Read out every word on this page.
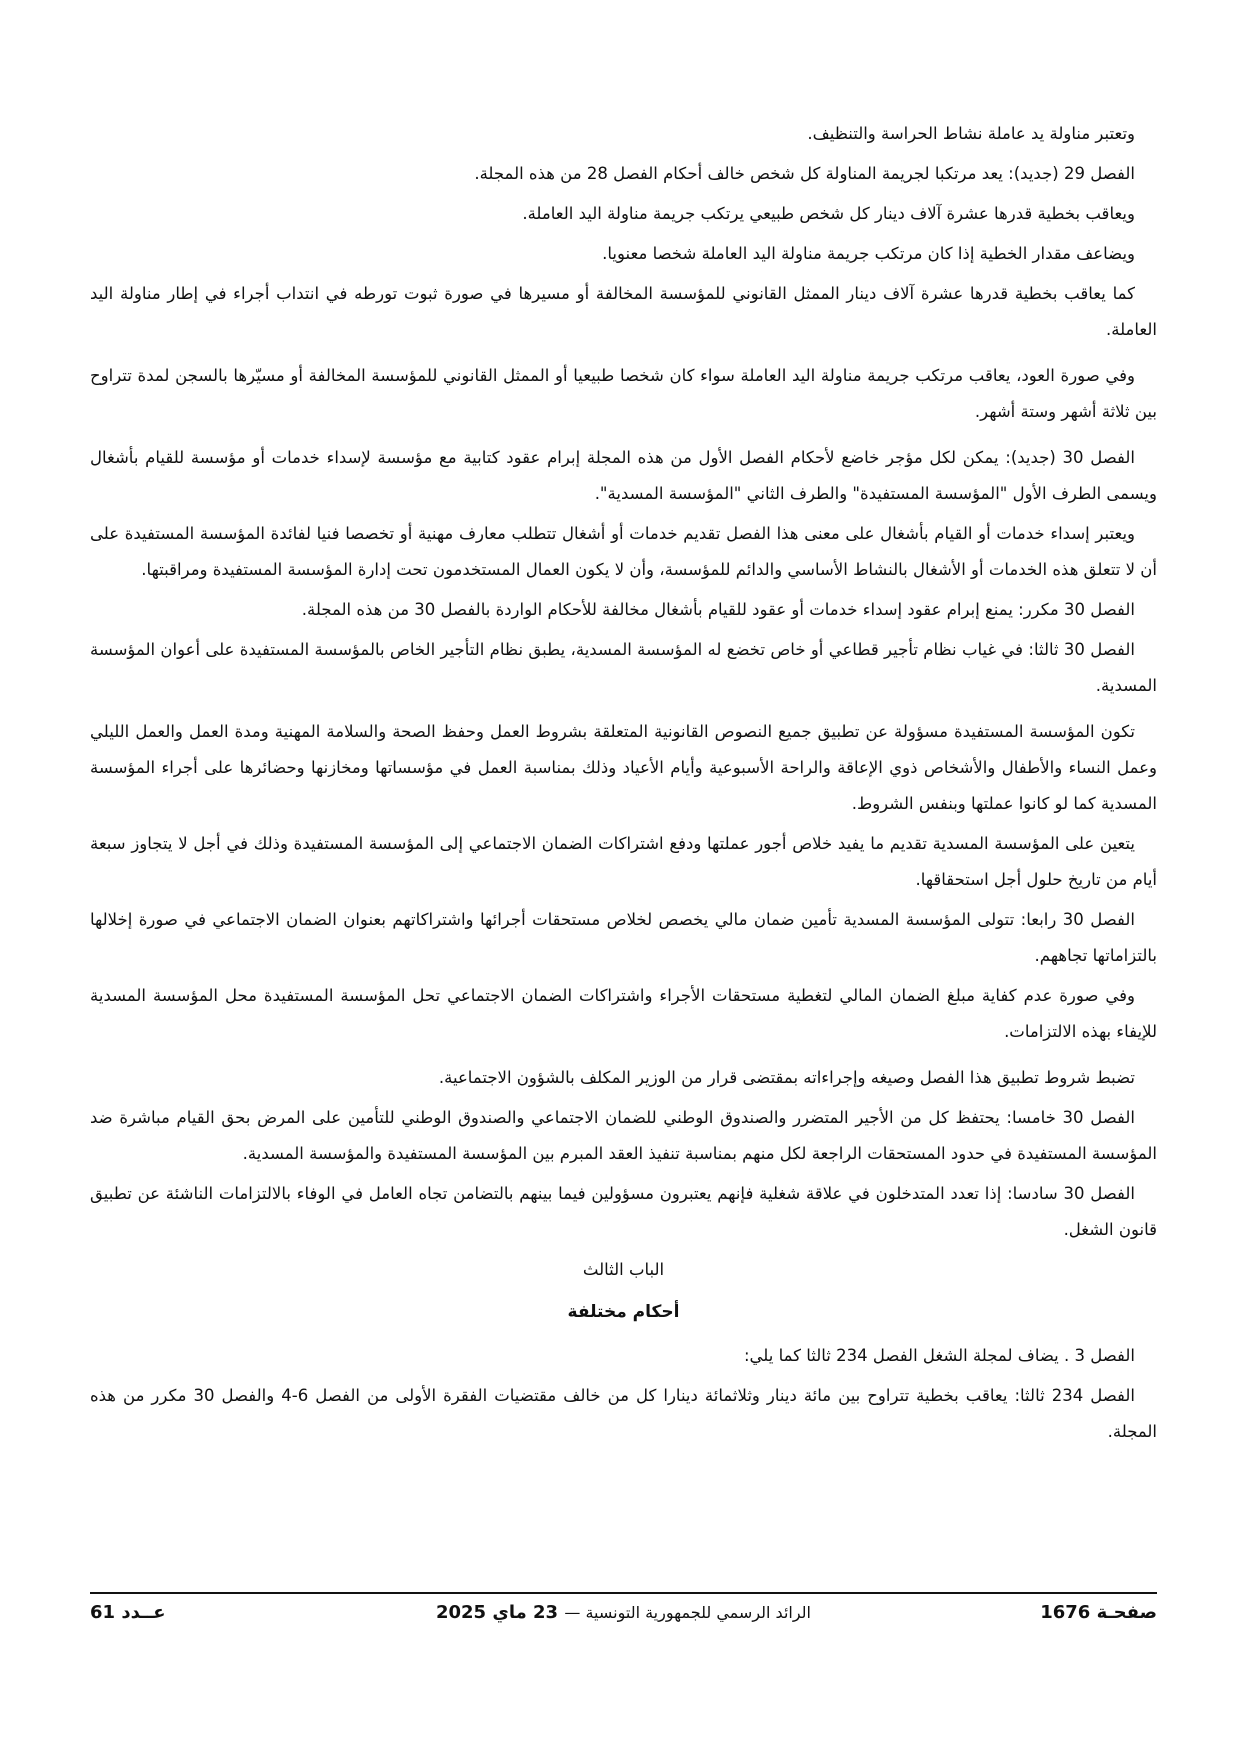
وتعتبر مناولة يد عاملة نشاط الحراسة والتنظيف.

الفصل 29 (جديد): يعد مرتكبا لجريمة المناولة كل شخص خالف أحكام الفصل 28 من هذه المجلة.

ويعاقب بخطية قدرها عشرة آلاف دينار كل شخص طبيعي يرتكب جريمة مناولة اليد العاملة.

ويضاعف مقدار الخطية إذا كان مرتكب جريمة مناولة اليد العاملة شخصا معنويا.

كما يعاقب بخطية قدرها عشرة آلاف دينار الممثل القانوني للمؤسسة المخالفة أو مسيرها في صورة ثبوت تورطه في انتداب أجراء في إطار مناولة اليد العاملة.

وفي صورة العود، يعاقب مرتكب جريمة مناولة اليد العاملة سواء كان شخصا طبيعيا أو الممثل القانوني للمؤسسة المخالفة أو مسيّرها بالسجن لمدة تتراوح بين ثلاثة أشهر وستة أشهر.

الفصل 30 (جديد): يمكن لكل مؤجر خاضع لأحكام الفصل الأول من هذه المجلة إبرام عقود كتابية مع مؤسسة لإسداء خدمات أو مؤسسة للقيام بأشغال ويسمى الطرف الأول "المؤسسة المستفيدة" والطرف الثاني "المؤسسة المسدية".

ويعتبر إسداء خدمات أو القيام بأشغال على معنى هذا الفصل تقديم خدمات أو أشغال تتطلب معارف مهنية أو تخصصا فنيا لفائدة المؤسسة المستفيدة على أن لا تتعلق هذه الخدمات أو الأشغال بالنشاط الأساسي والدائم للمؤسسة، وأن لا يكون العمال المستخدمون تحت إدارة المؤسسة المستفيدة ومراقبتها.

الفصل 30 مكرر: يمنع إبرام عقود إسداء خدمات أو عقود للقيام بأشغال مخالفة للأحكام الواردة بالفصل 30 من هذه المجلة.

الفصل 30 ثالثا: في غياب نظام تأجير قطاعي أو خاص تخضع له المؤسسة المسدية، يطبق نظام التأجير الخاص بالمؤسسة المستفيدة على أعوان المؤسسة المسدية.

تكون المؤسسة المستفيدة مسؤولة عن تطبيق جميع النصوص القانونية المتعلقة بشروط العمل وحفظ الصحة والسلامة المهنية ومدة العمل والعمل الليلي وعمل النساء والأطفال والأشخاص ذوي الإعاقة والراحة الأسبوعية وأيام الأعياد وذلك بمناسبة العمل في مؤسساتها ومخازنها وحضائرها على أجراء المؤسسة المسدية كما لو كانوا عملتها وبنفس الشروط.

يتعين على المؤسسة المسدية تقديم ما يفيد خلاص أجور عملتها ودفع اشتراكات الضمان الاجتماعي إلى المؤسسة المستفيدة وذلك في أجل لا يتجاوز سبعة أيام من تاريخ حلول أجل استحقاقها.

الفصل 30 رابعا: تتولى المؤسسة المسدية تأمين ضمان مالي يخصص لخلاص مستحقات أجرائها واشتراكاتهم بعنوان الضمان الاجتماعي في صورة إخلالها بالتزاماتها تجاههم.

وفي صورة عدم كفاية مبلغ الضمان المالي لتغطية مستحقات الأجراء واشتراكات الضمان الاجتماعي تحل المؤسسة المستفيدة محل المؤسسة المسدية للإيفاء بهذه الالتزامات.

تضبط شروط تطبيق هذا الفصل وصيغه وإجراءاته بمقتضى قرار من الوزير المكلف بالشؤون الاجتماعية.

الفصل 30 خامسا: يحتفظ كل من الأجير المتضرر والصندوق الوطني للضمان الاجتماعي والصندوق الوطني للتأمين على المرض بحق القيام مباشرة ضد المؤسسة المستفيدة في حدود المستحقات الراجعة لكل منهم بمناسبة تنفيذ العقد المبرم بين المؤسسة المستفيدة والمؤسسة المسدية.

الفصل 30 سادسا: إذا تعدد المتدخلون في علاقة شغلية فإنهم يعتبرون مسؤولين فيما بينهم بالتضامن تجاه العامل في الوفاء بالالتزامات الناشئة عن تطبيق قانون الشغل.

الباب الثالث

أحكام مختلفة

الفصل 3 . يضاف لمجلة الشغل الفصل 234 ثالثا كما يلي:

الفصل 234 ثالثا: يعاقب بخطية تتراوح بين مائة دينار وثلاثمائة دينارا كل من خالف مقتضيات الفقرة الأولى من الفصل 6-4 والفصل 30 مكرر من هذه المجلة.

صفحـة 1676
الرائد الرسمي للجمهورية التونسية — 23 ماي 2025
عــدد 61
